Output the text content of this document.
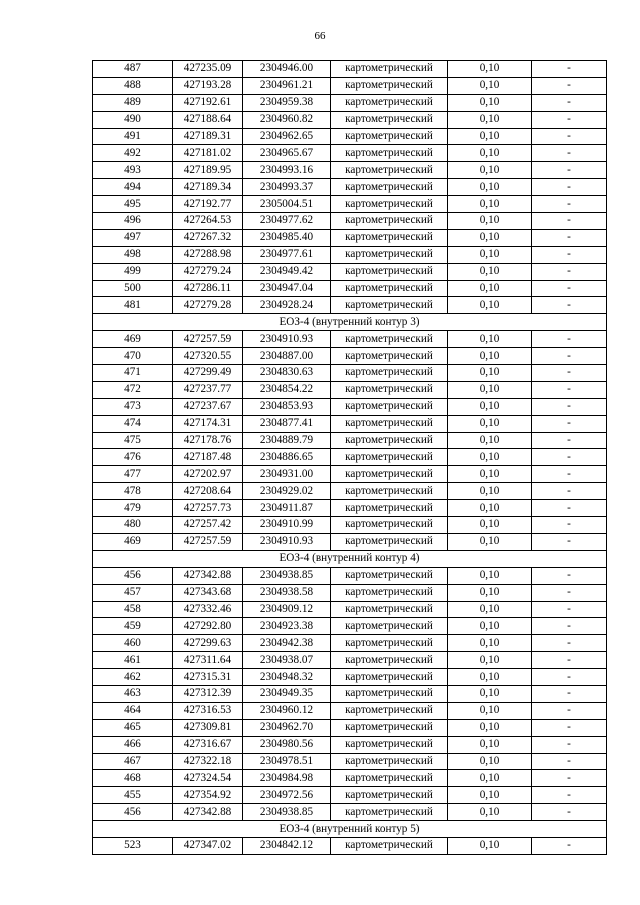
66
487	427235.09	2304946.00	картометрический	0,10	-
488	427193.28	2304961.21	картометрический	0,10	-
489	427192.61	2304959.38	картометрический	0,10	-
490	427188.64	2304960.82	картометрический	0,10	-
491	427189.31	2304962.65	картометрический	0,10	-
492	427181.02	2304965.67	картометрический	0,10	-
493	427189.95	2304993.16	картометрический	0,10	-
494	427189.34	2304993.37	картометрический	0,10	-
495	427192.77	2305004.51	картометрический	0,10	-
496	427264.53	2304977.62	картометрический	0,10	-
497	427267.32	2304985.40	картометрический	0,10	-
498	427288.98	2304977.61	картометрический	0,10	-
499	427279.24	2304949.42	картометрический	0,10	-
500	427286.11	2304947.04	картометрический	0,10	-
481	427279.28	2304928.24	картометрический	0,10	-
ЕОЗ-4 (внутренний контур 3)					
469	427257.59	2304910.93	картометрический	0,10	-
470	427320.55	2304887.00	картометрический	0,10	-
471	427299.49	2304830.63	картометрический	0,10	-
472	427237.77	2304854.22	картометрический	0,10	-
473	427237.67	2304853.93	картометрический	0,10	-
474	427174.31	2304877.41	картометрический	0,10	-
475	427178.76	2304889.79	картометрический	0,10	-
476	427187.48	2304886.65	картометрический	0,10	-
477	427202.97	2304931.00	картометрический	0,10	-
478	427208.64	2304929.02	картометрический	0,10	-
479	427257.73	2304911.87	картометрический	0,10	-
480	427257.42	2304910.99	картометрический	0,10	-
469	427257.59	2304910.93	картометрический	0,10	-
ЕОЗ-4 (внутренний контур 4)					
456	427342.88	2304938.85	картометрический	0,10	-
457	427343.68	2304938.58	картометрический	0,10	-
458	427332.46	2304909.12	картометрический	0,10	-
459	427292.80	2304923.38	картометрический	0,10	-
460	427299.63	2304942.38	картометрический	0,10	-
461	427311.64	2304938.07	картометрический	0,10	-
462	427315.31	2304948.32	картометрический	0,10	-
463	427312.39	2304949.35	картометрический	0,10	-
464	427316.53	2304960.12	картометрический	0,10	-
465	427309.81	2304962.70	картометрический	0,10	-
466	427316.67	2304980.56	картометрический	0,10	-
467	427322.18	2304978.51	картометрический	0,10	-
468	427324.54	2304984.98	картометрический	0,10	-
455	427354.92	2304972.56	картометрический	0,10	-
456	427342.88	2304938.85	картометрический	0,10	-
ЕОЗ-4 (внутренний контур 5)					
523	427347.02	2304842.12	картометрический	0,10	-
